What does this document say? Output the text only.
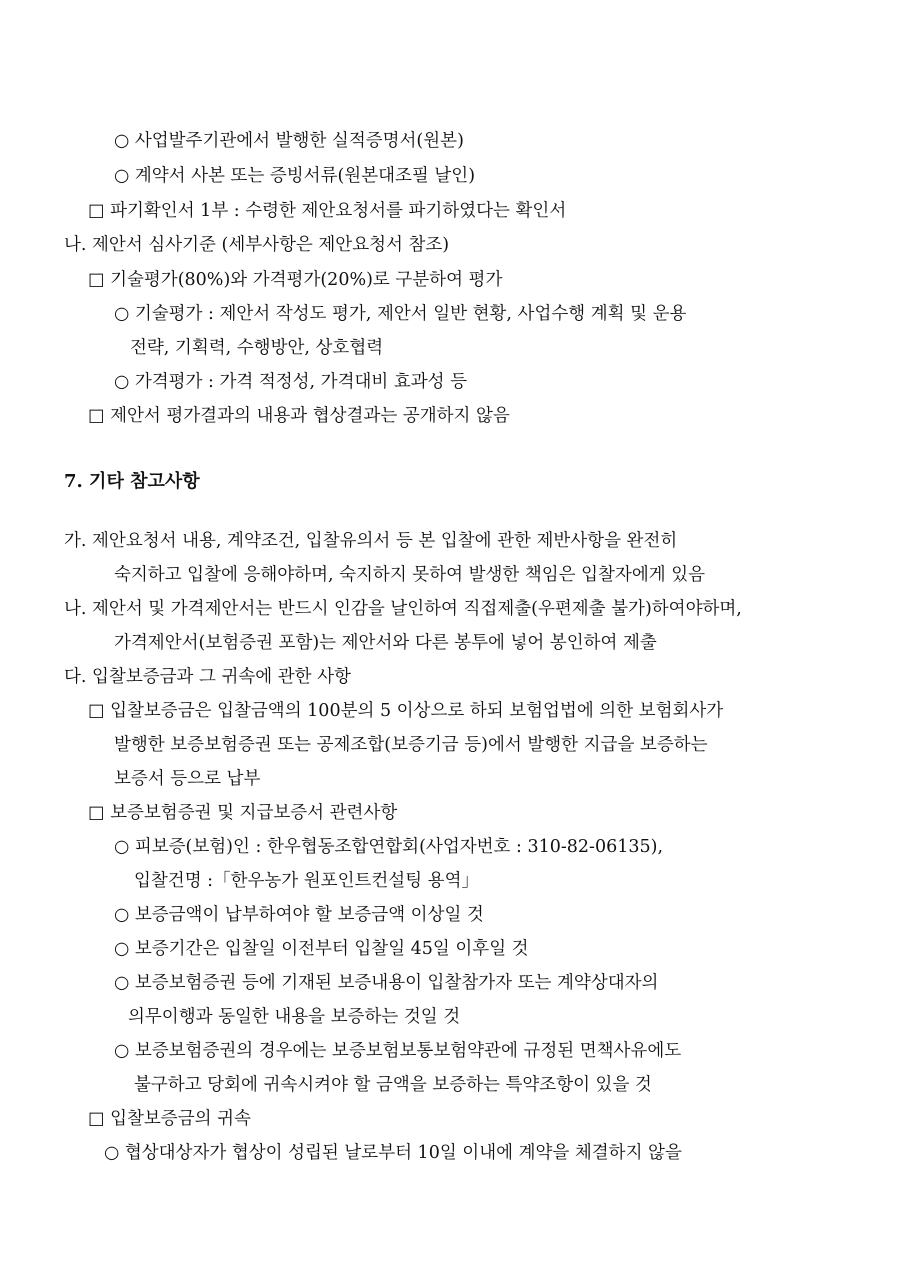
○ 사업발주기관에서 발행한 실적증명서(원본)
○ 계약서 사본 또는 증빙서류(원본대조필 날인)
□ 파기확인서 1부 : 수령한 제안요청서를 파기하였다는 확인서
나. 제안서 심사기준 (세부사항은 제안요청서 참조)
□ 기술평가(80%)와 가격평가(20%)로 구분하여 평가
○ 기술평가 : 제안서 작성도 평가, 제안서 일반 현황, 사업수행 계획 및 운용
전략, 기획력, 수행방안, 상호협력
○ 가격평가 : 가격 적정성, 가격대비 효과성 등
□ 제안서 평가결과의 내용과 협상결과는 공개하지 않음
7. 기타 참고사항
가. 제안요청서 내용, 계약조건, 입찰유의서 등 본 입찰에 관한 제반사항을 완전히
숙지하고 입찰에 응해야하며, 숙지하지 못하여 발생한 책임은 입찰자에게 있음
나. 제안서 및 가격제안서는 반드시 인감을 날인하여 직접제출(우편제출 불가)하여야하며,
가격제안서(보험증권 포함)는 제안서와 다른 봉투에 넣어 봉인하여 제출
다. 입찰보증금과 그 귀속에 관한 사항
□ 입찰보증금은 입찰금액의 100분의 5 이상으로 하되 보험업법에 의한 보험회사가
발행한 보증보험증권 또는 공제조합(보증기금 등)에서 발행한 지급을 보증하는
보증서 등으로 납부
□ 보증보험증권 및 지급보증서 관련사항
○ 피보증(보험)인 : 한우협동조합연합회(사업자번호 : 310-82-06135),
입찰건명 :「한우농가 원포인트컨설팅 용역」
○ 보증금액이 납부하여야 할 보증금액 이상일 것
○ 보증기간은 입찰일 이전부터 입찰일 45일 이후일 것
○ 보증보험증권 등에 기재된 보증내용이 입찰참가자 또는 계약상대자의
의무이행과 동일한 내용을 보증하는 것일 것
○ 보증보험증권의 경우에는 보증보험보통보험약관에 규정된 면책사유에도
불구하고 당회에 귀속시켜야 할 금액을 보증하는 특약조항이 있을 것
□ 입찰보증금의 귀속
○ 협상대상자가 협상이 성립된 날로부터 10일 이내에 계약을 체결하지 않을
